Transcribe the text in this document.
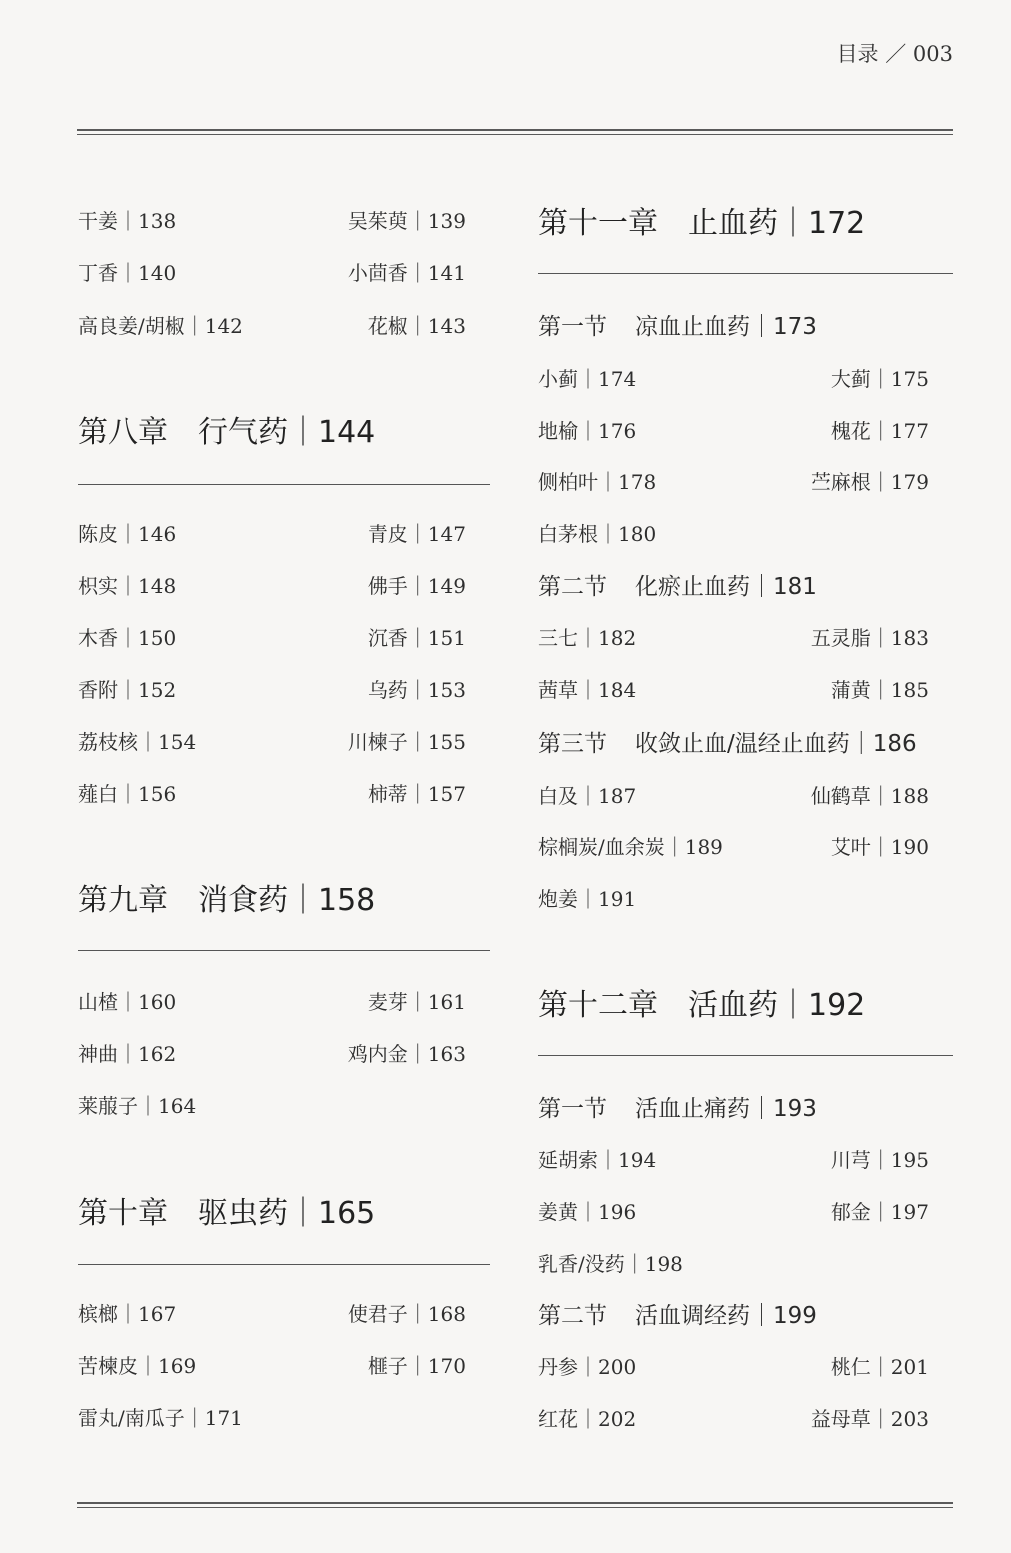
目录 ／ 003
干姜｜138	吴茱萸｜139
丁香｜140	小茴香｜141
高良姜/胡椒｜142	花椒｜143
第八章 行气药｜144
陈皮｜146	青皮｜147
枳实｜148	佛手｜149
木香｜150	沉香｜151
香附｜152	乌药｜153
荔枝核｜154	川楝子｜155
薤白｜156	柿蒂｜157
第九章 消食药｜158
山楂｜160	麦芽｜161
神曲｜162	鸡内金｜163
莱菔子｜164
第十章 驱虫药｜165
槟榔｜167	使君子｜168
苦楝皮｜169	榧子｜170
雷丸/南瓜子｜171
第十一章 止血药｜172
第一节 凉血止血药｜173
小蓟｜174	大蓟｜175
地榆｜176	槐花｜177
侧柏叶｜178	苎麻根｜179
白茅根｜180
第二节 化瘀止血药｜181
三七｜182	五灵脂｜183
茜草｜184	蒲黄｜185
第三节 收敛止血/温经止血药｜186
白及｜187	仙鹤草｜188
棕榈炭/血余炭｜189	艾叶｜190
炮姜｜191
第十二章 活血药｜192
第一节 活血止痛药｜193
延胡索｜194	川芎｜195
姜黄｜196	郁金｜197
乳香/没药｜198
第二节 活血调经药｜199
丹参｜200	桃仁｜201
红花｜202	益母草｜203
